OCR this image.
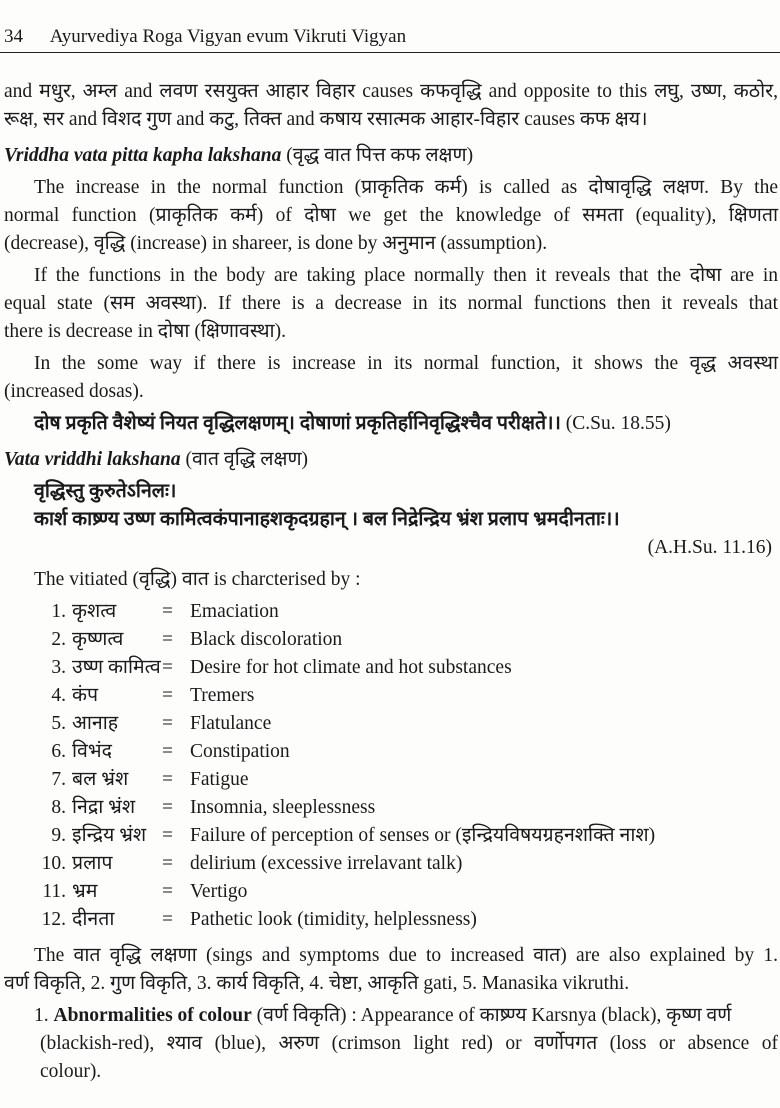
34 Ayurvediya Roga Vigyan evum Vikruti Vigyan
and मधुर, अम्ल and लवण रसयुक्त आहार विहार causes कफवृद्धि and opposite to this लघु, उष्ण, कठोर,
रूक्ष, सर and विशद गुण and कटु, तिक्त and कषाय रसात्मक आहार-विहार causes कफ क्षय।
Vriddha vata pitta kapha lakshana (वृद्ध वात पित्त कफ लक्षण)
The increase in the normal function (प्राकृतिक कर्म) is called as दोषावृद्धि लक्षण. By the
normal function (प्राकृतिक कर्म) of दोषा we get the knowledge of समता (equality), क्षिणता
(decrease), वृद्धि (increase) in shareer, is done by अनुमान (assumption).
If the functions in the body are taking place normally then it reveals that the दोषा are in
equal state (सम अवस्था). If there is a decrease in its normal functions then it reveals that
there is decrease in दोषा (क्षिणावस्था).
In the some way if there is increase in its normal function, it shows the वृद्ध अवस्था
(increased dosas).
दोष प्रकृति वैशेष्यं नियत वृद्धिलक्षणम्। दोषाणां प्रकृतिर्हानिवृद्धिश्चैव परीक्षते।। (C.Su. 18.55)
Vata vriddhi lakshana (वात वृद्धि लक्षण)
वृद्धिस्तु कुरुतेऽनिलः।
कार्श काष्र्ण्य उष्ण कामित्वकंपानाहशकृदग्रहान् । बल निद्रेन्द्रिय भ्रंश प्रलाप भ्रमदीनताः।।
(A.H.Su. 11.16)
The vitiated (वृद्धि) वात is charcterised by :
1. कृशत्व = Emaciation
2. कृष्णत्व = Black discoloration
3. उष्ण कामित्व = Desire for hot climate and hot substances
4. कंप	= Tremers
5. आनाह = Flatulance
6. विभंद	= Constipation
7. बल भ्रंश = Fatigue
8. निद्रा भ्रंश = Insomnia, sleeplessness
9. इन्द्रिय भ्रंश = Failure of perception of senses or (इन्द्रियविषयग्रहनशक्ति नाश)
10. प्रलाप	= delirium (excessive irrelavant talk)
11. भ्रम	= Vertigo
12. दीनता = Pathetic look (timidity, helplessness)
The वात वृद्धि लक्षणा (sings and symptoms due to increased वात) are also explained by 1.
वर्ण विकृति, 2. गुण विकृति, 3. कार्य विकृति, 4. चेष्टा, आकृति gati, 5. Manasika vikruthi.
1. Abnormalities of colour (वर्ण विकृति) : Appearance of काष्र्ण्य Karsnya (black), कृष्ण वर्ण
(blackish-red), श्याव (blue), अरुण (crimson light red) or वर्णोपगत (loss or absence of
colour).
